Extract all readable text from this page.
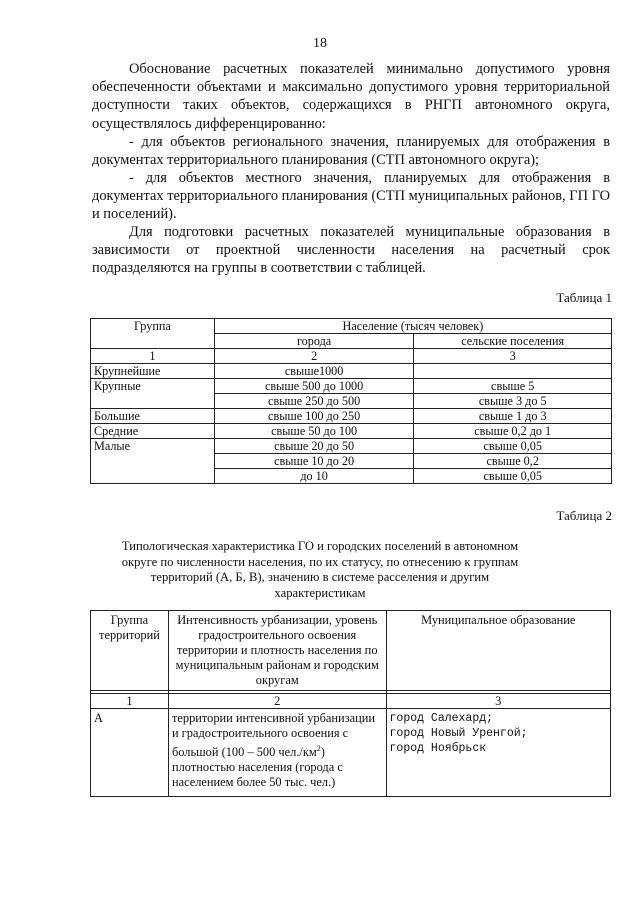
18

Обоснование расчетных показателей минимально допустимого уровня обеспеченности объектами и максимально допустимого уровня территориальной доступности таких объектов, содержащихся в РНГП автономного округа, осуществлялось дифференцированно:

- для объектов регионального значения, планируемых для отображения в документах территориального планирования (СТП автономного округа);

- для объектов местного значения, планируемых для отображения в документах территориального планирования (СТП муниципальных районов, ГП ГО и поселений).

Для подготовки расчетных показателей муниципальные образования в зависимости от проектной численности населения на расчетный срок подразделяются на группы в соответствии с таблицей.

Таблица 1
Группа	Население (тысяч человек)	
	города	сельские поселения
1	2	3
Крупнейшие	свыше1000	
Крупные	свыше 500 до 1000	свыше 5
	свыше 250 до 500	свыше 3 до 5
Большие	свыше 100 до 250	свыше 1 до 3
Средние	свыше 50 до 100	свыше 0,2 до 1
Малые	свыше 20 до 50	свыше 0,05
	свыше 10 до 20	свыше 0,2
	до 10	свыше 0,05
Таблица 2
Типологическая характеристика ГО и городских поселений в автономном округе по численности населения, по их статусу, по отнесению к группам территорий (А, Б, В), значению в системе расселения и другим характеристикам
Группа территорий	Интенсивность урбанизации, уровень градостроительного освоения территории и плотность населения по муниципальным районам и городским округам	Муниципальное образование

1	2	3
А	территории интенсивной урбанизации и градостроительного освоения с большой (100 – 500 $чел./км^2$) плотностью населения (города с населением более 50 тыс. чел.)	город Салехард;
город Новый Уренгой;
город Ноябрьск
